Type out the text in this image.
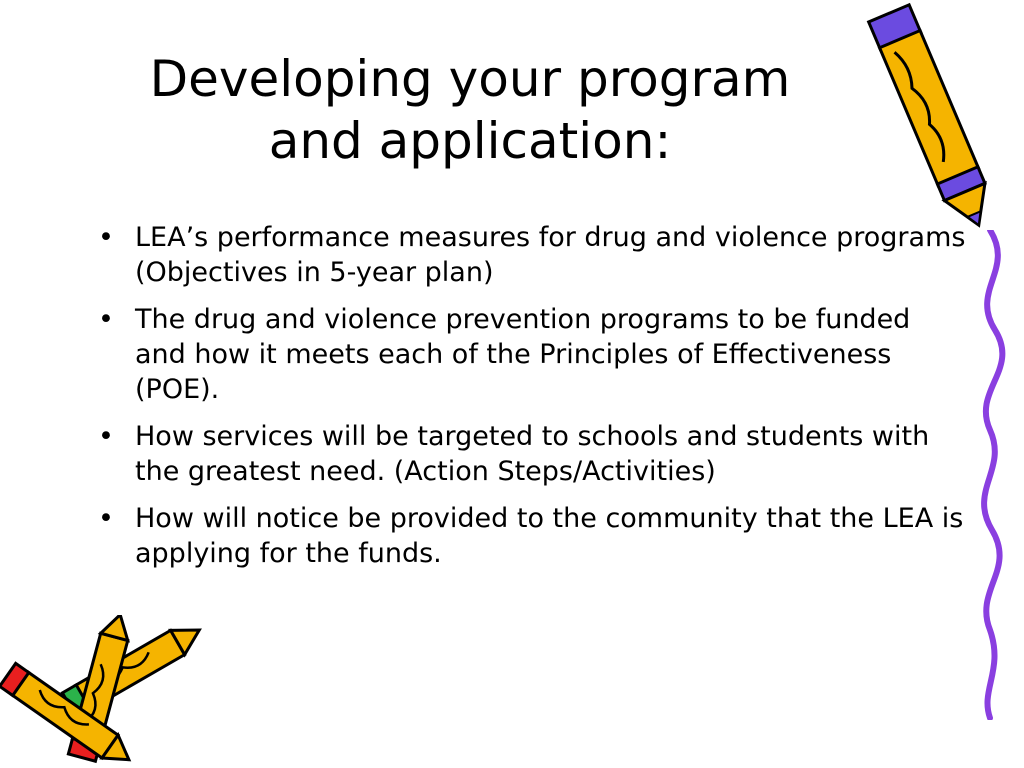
Developing your program
and application:
• LEA’s performance measures for drug and violence programs (Objectives in 5-year plan)
• The drug and violence prevention programs to be funded and how it meets each of the Principles of Effectiveness (POE).
• How services will be targeted to schools and students with the greatest need. (Action Steps/Activities)
• How will notice be provided to the community that the LEA is applying for the funds.
